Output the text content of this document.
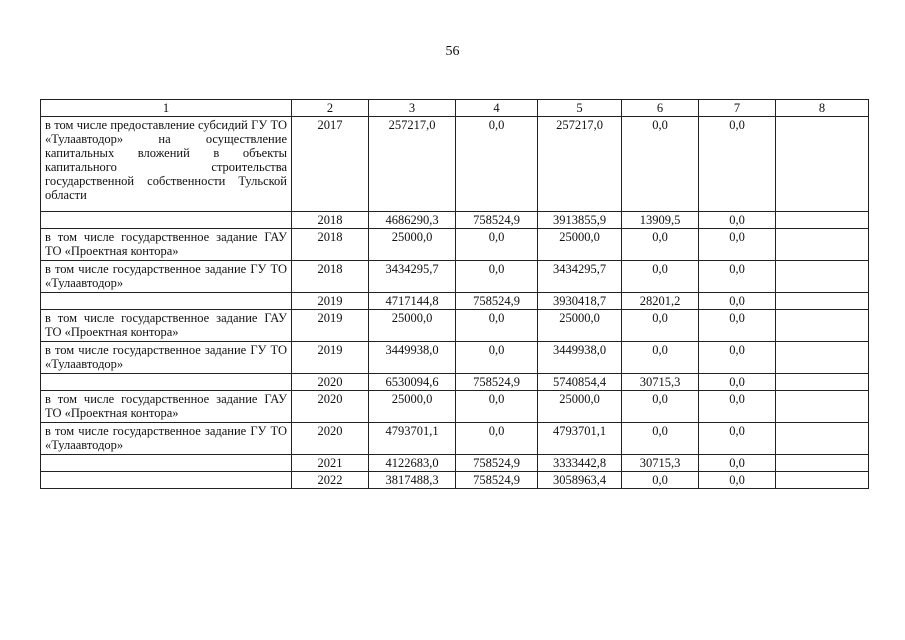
56
1	2	3	4	5	6	7	8
в том числе предоставление субсидий ГУ ТО «Тулаавтодор» на осуществление капитальных вложений в объекты капитального строительства государственной собственности Тульской области	2017	257217,0	0,0	257217,0	0,0	0,0	
	2018	4686290,3	758524,9	3913855,9	13909,5	0,0	
в том числе государственное задание ГАУ ТО «Проектная контора»	2018	25000,0	0,0	25000,0	0,0	0,0	
в том числе государственное задание ГУ ТО «Тулаавтодор»	2018	3434295,7	0,0	3434295,7	0,0	0,0	
	2019	4717144,8	758524,9	3930418,7	28201,2	0,0	
в том числе государственное задание ГАУ ТО «Проектная контора»	2019	25000,0	0,0	25000,0	0,0	0,0	
в том числе государственное задание ГУ ТО «Тулаавтодор»	2019	3449938,0	0,0	3449938,0	0,0	0,0	
	2020	6530094,6	758524,9	5740854,4	30715,3	0,0	
в том числе государственное задание ГАУ ТО «Проектная контора»	2020	25000,0	0,0	25000,0	0,0	0,0	
в том числе государственное задание ГУ ТО «Тулаавтодор»	2020	4793701,1	0,0	4793701,1	0,0	0,0	
	2021	4122683,0	758524,9	3333442,8	30715,3	0,0	
	2022	3817488,3	758524,9	3058963,4	0,0	0,0	
